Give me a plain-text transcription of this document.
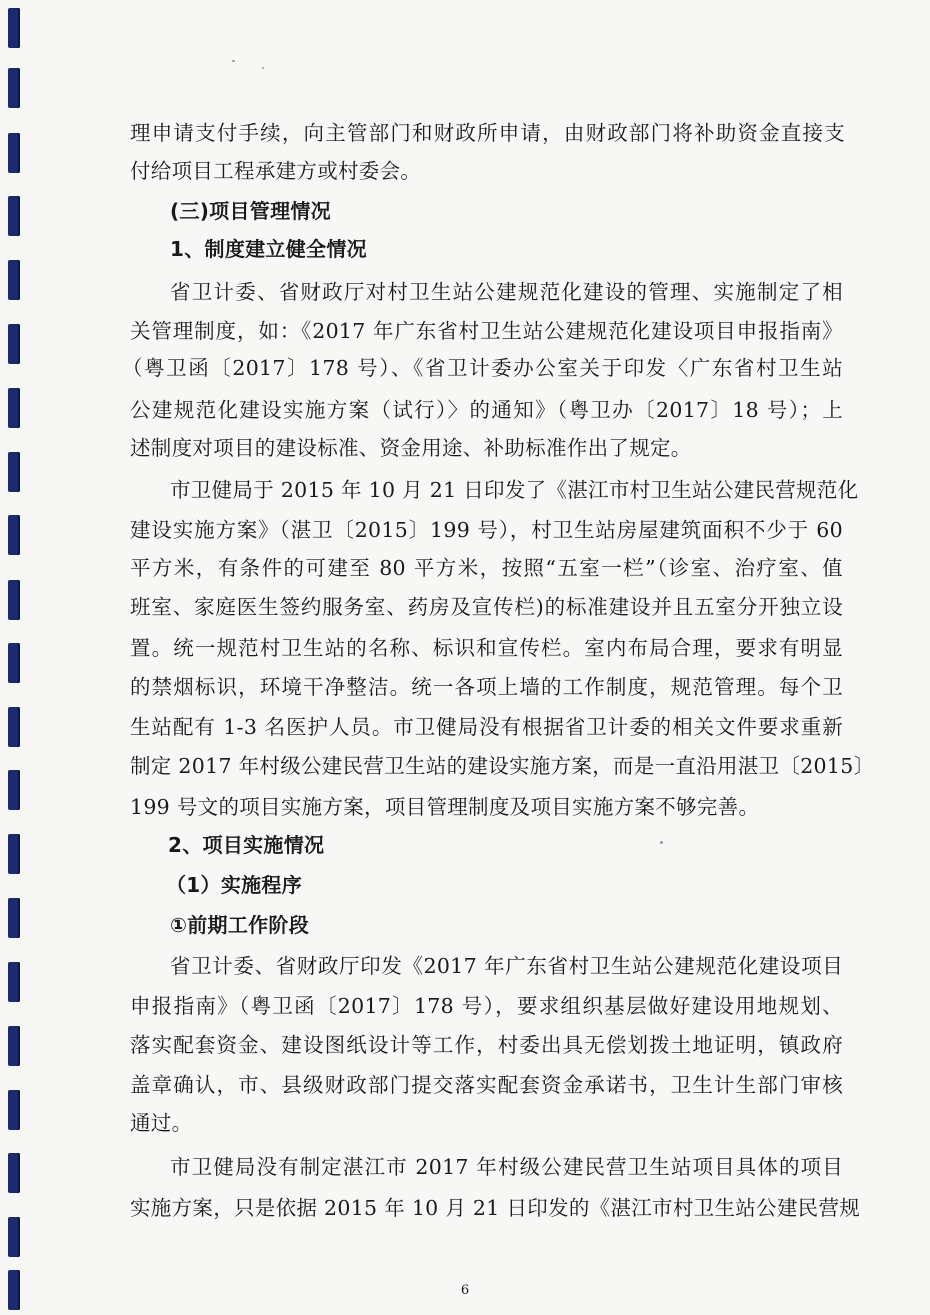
理申请支付手续，向主管部门和财政所申请，由财政部门将补助资金直接支
付给项目工程承建方或村委会。
(三)项目管理情况
1、制度建立健全情况
省卫计委、省财政厅对村卫生站公建规范化建设的管理、实施制定了相
关管理制度，如：《2017 年广东省村卫生站公建规范化建设项目申报指南》
（粤卫函〔2017〕178 号）、《省卫计委办公室关于印发〈广东省村卫生站
公建规范化建设实施方案（试行）〉的通知》（粤卫办〔2017〕18 号）；上
述制度对项目的建设标准、资金用途、补助标准作出了规定。
市卫健局于 2015 年 10 月 21 日印发了《湛江市村卫生站公建民营规范化
建设实施方案》（湛卫〔2015〕199 号），村卫生站房屋建筑面积不少于 60
平方米，有条件的可建至 80 平方米，按照“五室一栏”（诊室、治疗室、值
班室、家庭医生签约服务室、药房及宣传栏)的标准建设并且五室分开独立设
置。统一规范村卫生站的名称、标识和宣传栏。室内布局合理，要求有明显
的禁烟标识，环境干净整洁。统一各项上墙的工作制度，规范管理。每个卫
生站配有 1-3 名医护人员。市卫健局没有根据省卫计委的相关文件要求重新
制定 2017 年村级公建民营卫生站的建设实施方案，而是一直沿用湛卫〔2015〕
199 号文的项目实施方案，项目管理制度及项目实施方案不够完善。
2、项目实施情况
（1）实施程序
①前期工作阶段
省卫计委、省财政厅印发《2017 年广东省村卫生站公建规范化建设项目
申报指南》（粤卫函〔2017〕178 号），要求组织基层做好建设用地规划、
落实配套资金、建设图纸设计等工作，村委出具无偿划拨土地证明，镇政府
盖章确认，市、县级财政部门提交落实配套资金承诺书，卫生计生部门审核
通过。
市卫健局没有制定湛江市 2017 年村级公建民营卫生站项目具体的项目
实施方案，只是依据 2015 年 10 月 21 日印发的《湛江市村卫生站公建民营规
6
